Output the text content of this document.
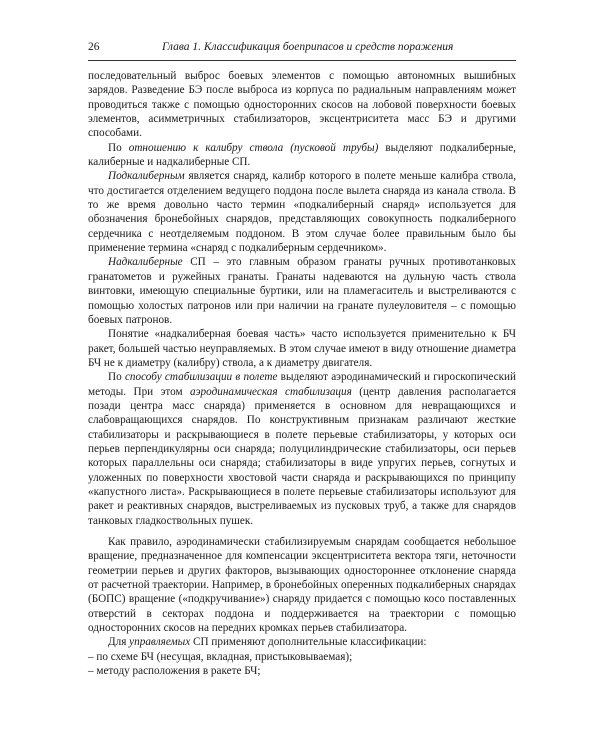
26	Глава 1. Классификация боеприпасов и средств поражения

последовательный выброс боевых элементов с помощью автономных вышибных зарядов. Разведение БЭ после выброса из корпуса по радиальным направлениям может проводиться также с помощью односторонних скосов на лобовой поверхности боевых элементов, асимметричных стабилизаторов, эксцентриситета масс БЭ и другими способами.

По отношению к калибру ствола (пусковой трубы) выделяют подкалиберные, калиберные и надкалиберные СП.

Подкалиберным является снаряд, калибр которого в полете меньше калибра ствола, что достигается отделением ведущего поддона после вылета снаряда из канала ствола. В то же время довольно часто термин «подкалиберный снаряд» используется для обозначения бронебойных снарядов, представляющих совокупность подкалиберного сердечника с неотделяемым поддоном. В этом случае более правильным было бы применение термина «снаряд с подкалиберным сердечником».

Надкалиберные СП – это главным образом гранаты ручных противотанковых гранатометов и ружейных гранаты. Гранаты надеваются на дульную часть ствола винтовки, имеющую специальные буртики, или на пламегаситель и выстреливаются с помощью холостых патронов или при наличии на гранате пулеуловителя – с помощью боевых патронов.

Понятие «надкалиберная боевая часть» часто используется применительно к БЧ ракет, большей частью неуправляемых. В этом случае имеют в виду отношение диаметра БЧ не к диаметру (калибру) ствола, а к диаметру двигателя.

По способу стабилизации в полете выделяют аэродинамический и гироскопический методы. При этом аэродинамическая стабилизация (центр давления располагается позади центра масс снаряда) применяется в основном для невращающихся и слабовращающихся снарядов. По конструктивным признакам различают жесткие стабилизаторы и раскрывающиеся в полете перьевые стабилизаторы, у которых оси перьев перпендикулярны оси снаряда; полуцилиндрические стабилизаторы, оси перьев которых параллельны оси снаряда; стабилизаторы в виде упругих перьев, согнутых и уложенных по поверхности хвостовой части снаряда и раскрывающихся по принципу «капустного листа». Раскрывающиеся в полете перьевые стабилизаторы используют для ракет и реактивных снарядов, выстреливаемых из пусковых труб, а также для снарядов танковых гладкоствольных пушек.

Как правило, аэродинамически стабилизируемым снарядам сообщается небольшое вращение, предназначенное для компенсации эксцентриситета вектора тяги, неточности геометрии перьев и других факторов, вызывающих одностороннее отклонение снаряда от расчетной траектории. Например, в бронебойных оперенных подкалиберных снарядах (БОПС) вращение («подкручивание») снаряду придается с помощью косо поставленных отверстий в секторах поддона и поддерживается на траектории с помощью односторонних скосов на передних кромках перьев стабилизатора.

Для управляемых СП применяют дополнительные классификации:

– по схеме БЧ (несущая, вкладная, пристыковываемая);

– методу расположения в ракете БЧ;
